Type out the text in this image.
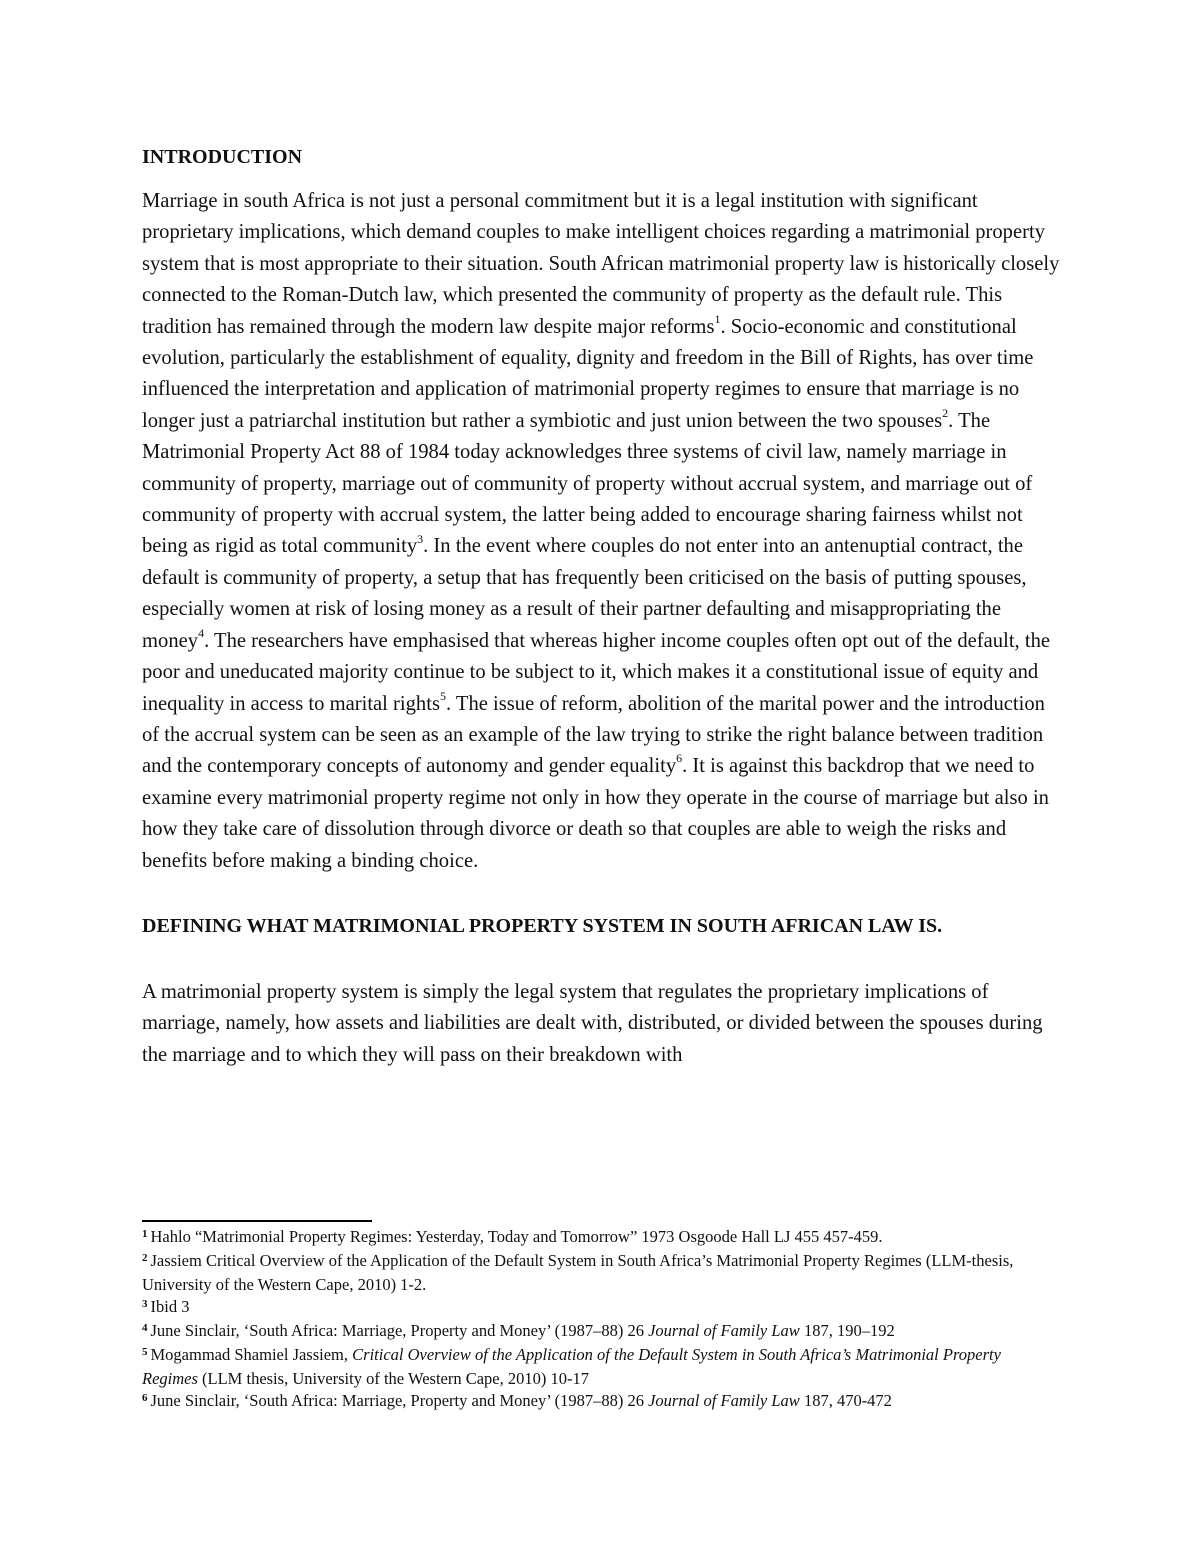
INTRODUCTION

Marriage in south Africa is not just a personal commitment but it is a legal institution with significant proprietary implications, which demand couples to make intelligent choices regarding a matrimonial property system that is most appropriate to their situation. South African matrimonial property law is historically closely connected to the Roman-Dutch law, which presented the community of property as the default rule. This tradition has remained through the modern law despite major reforms$^1$. Socio-economic and constitutional evolution, particularly the establishment of equality, dignity and freedom in the Bill of Rights, has over time influenced the interpretation and application of matrimonial property regimes to ensure that marriage is no longer just a patriarchal institution but rather a symbiotic and just union between the two spouses$^2$. The Matrimonial Property Act 88 of 1984 today acknowledges three systems of civil law, namely marriage in community of property, marriage out of community of property without accrual system, and marriage out of community of property with accrual system, the latter being added to encourage sharing fairness whilst not being as rigid as total community$^3$. In the event where couples do not enter into an antenuptial contract, the default is community of property, a setup that has frequently been criticised on the basis of putting spouses, especially women at risk of losing money as a result of their partner defaulting and misappropriating the money$^4$. The researchers have emphasised that whereas higher income couples often opt out of the default, the poor and uneducated majority continue to be subject to it, which makes it a constitutional issue of equity and inequality in access to marital rights$^5$. The issue of reform, abolition of the marital power and the introduction of the accrual system can be seen as an example of the law trying to strike the right balance between tradition and the contemporary concepts of autonomy and gender equality$^6$. It is against this backdrop that we need to examine every matrimonial property regime not only in how they operate in the course of marriage but also in how they take care of dissolution through divorce or death so that couples are able to weigh the risks and benefits before making a binding choice.

DEFINING WHAT MATRIMONIAL PROPERTY SYSTEM IN SOUTH AFRICAN LAW IS.

A matrimonial property system is simply the legal system that regulates the proprietary implications of marriage, namely, how assets and liabilities are dealt with, distributed, or divided between the spouses during the marriage and to which they will pass on their breakdown with

$^1$ Hahlo “Matrimonial Property Regimes: Yesterday, Today and Tomorrow” 1973 Osgoode Hall LJ 455 457-459.

$^2$ Jassiem Critical Overview of the Application of the Default System in South Africa’s Matrimonial Property Regimes (LLM-thesis, University of the Western Cape, 2010) 1-2.

$^3$ Ibid 3

$^4$ June Sinclair, ‘South Africa: Marriage, Property and Money’ (1987–88) 26 Journal of Family Law 187, 190–192

$^5$ Mogammad Shamiel Jassiem, Critical Overview of the Application of the Default System in South Africa’s Matrimonial Property Regimes (LLM thesis, University of the Western Cape, 2010) 10-17

$^6$ June Sinclair, ‘South Africa: Marriage, Property and Money’ (1987–88) 26 Journal of Family Law 187, 470-472
